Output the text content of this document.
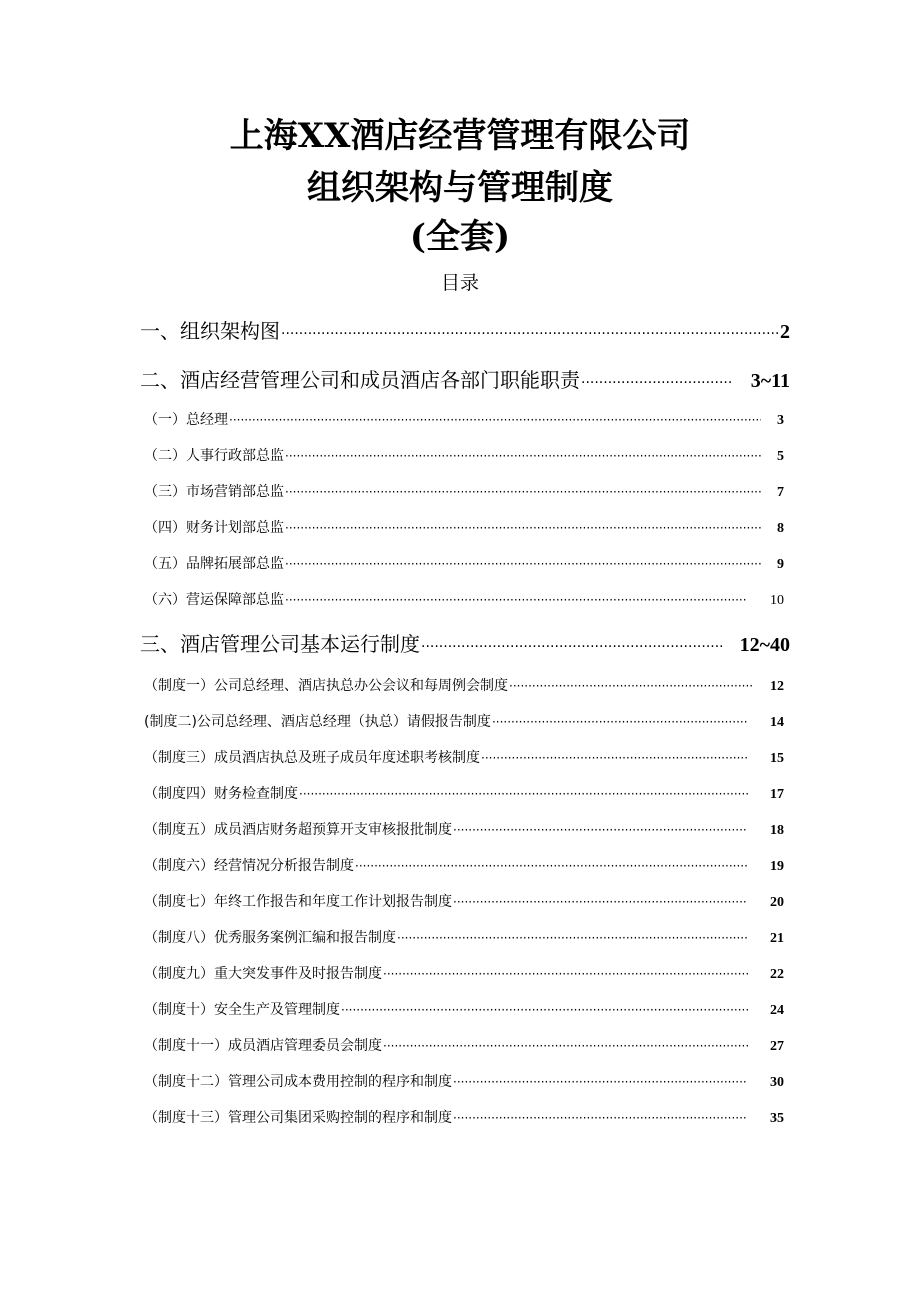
上海XX酒店经营管理有限公司
组织架构与管理制度
(全套)
目录
一、组织架构图 ·····	2
二、酒店经营管理公司和成员酒店各部门职能职责 ·····	3~11
（一）总经理 ·····	3
（二）人事行政部总监 ·····	5
（三）市场营销部总监 ·····	7
（四）财务计划部总监 ·····	8
（五）品牌拓展部总监 ·····	9
（六）营运保障部总监 ·····	10
三、酒店管理公司基本运行制度 ·····	12~40
（制度一）公司总经理、酒店执总办公会议和每周例会制度 ·····	12
(制度二)公司总经理、酒店总经理（执总）请假报告制度 ·····	14
（制度三）成员酒店执总及班子成员年度述职考核制度 ·····	15
（制度四）财务检查制度 ·····	17
（制度五）成员酒店财务超预算开支审核报批制度 ·····	18
（制度六）经营情况分析报告制度 ·····	19
（制度七）年终工作报告和年度工作计划报告制度 ·····	20
（制度八）优秀服务案例汇编和报告制度 ·····	21
（制度九）重大突发事件及时报告制度 ·····	22
（制度十）安全生产及管理制度 ·····	24
（制度十一）成员酒店管理委员会制度 ·····	27
（制度十二）管理公司成本费用控制的程序和制度 ·····	30
（制度十三）管理公司集团采购控制的程序和制度 ·····	35
